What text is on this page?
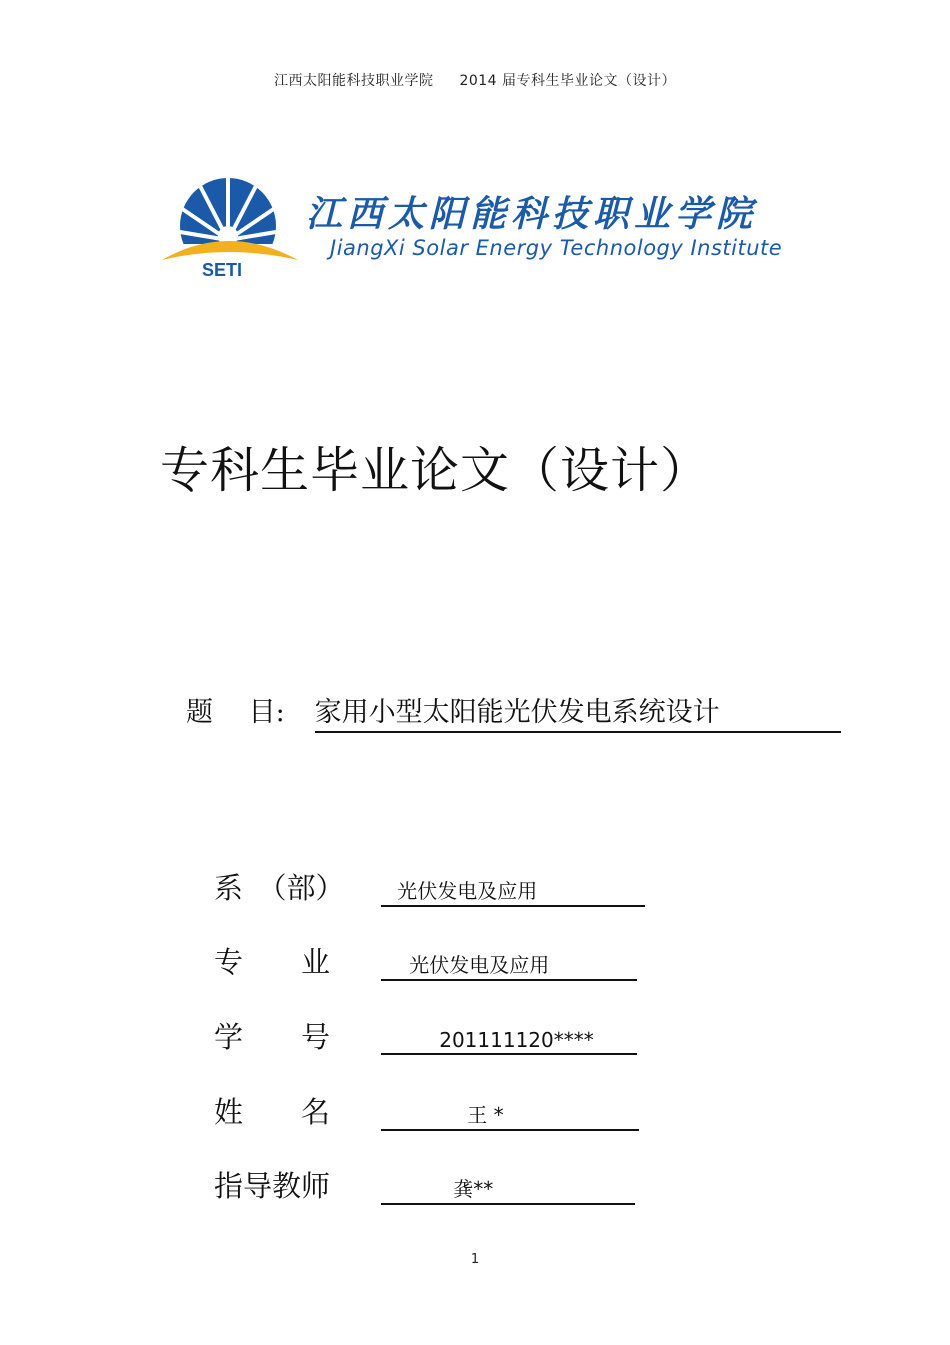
江西太阳能科技职业学院 2014 届专科生毕业论文（设计）
SETI
江西太阳能科技职业学院
JiangXi Solar Energy Technology Institute
专科生毕业论文（设计）
题　 目: 家用小型太阳能光伏发电系统设计
系　（部）	光伏发电及应用
专　　业	光伏发电及应用
学　　号	201111120****
姓　　名	王 *
指导教师	龚**
1
